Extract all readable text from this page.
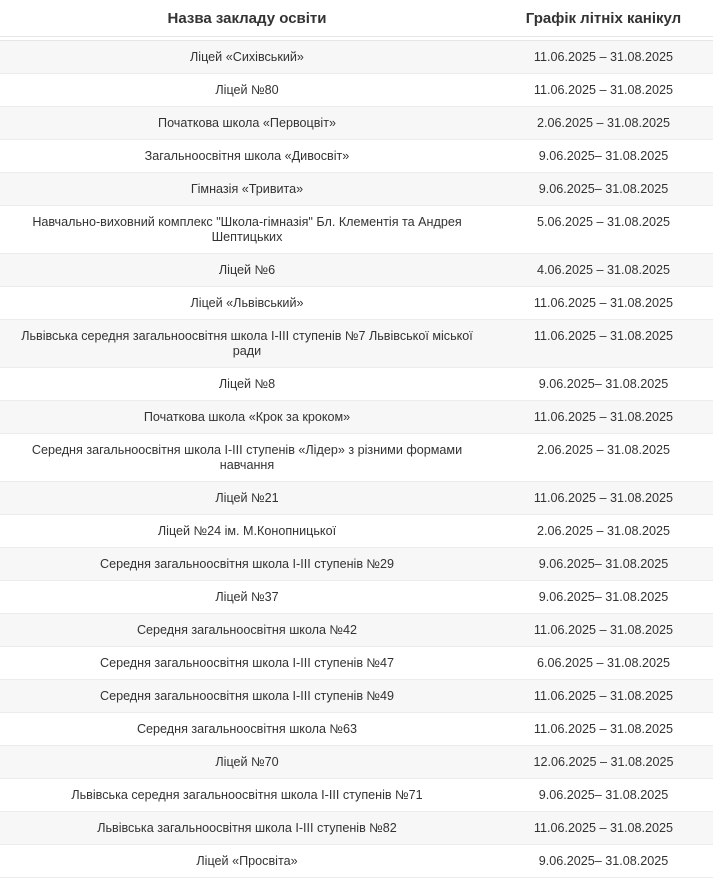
Назва закладу освіти	Графік літніх канікул

Ліцей «Сихівський»	11.06.2025 – 31.08.2025
Ліцей №80	11.06.2025 – 31.08.2025
Початкова школа «Первоцвіт»	2.06.2025 – 31.08.2025
Загальноосвітня школа «Дивосвіт»	9.06.2025– 31.08.2025
Гімназія «Тривита»	9.06.2025– 31.08.2025
Навчально-виховний комплекс "Школа-гімназія" Бл. Клементія та Андрея Шептицьких	5.06.2025 – 31.08.2025
Ліцей №6	4.06.2025 – 31.08.2025
Ліцей «Львівський»	11.06.2025 – 31.08.2025
Львівська середня загальноосвітня школа І-ІІІ ступенів №7 Львівської міської ради	11.06.2025 – 31.08.2025
Ліцей №8	9.06.2025– 31.08.2025
Початкова школа «Крок за кроком»	11.06.2025 – 31.08.2025
Середня загальноосвітня школа І-ІІІ ступенів «Лідер» з різними формами навчання	2.06.2025 – 31.08.2025
Ліцей №21	11.06.2025 – 31.08.2025
Ліцей №24 ім. М.Конопницької	2.06.2025 – 31.08.2025
Середня загальноосвітня школа І-ІІІ ступенів №29	9.06.2025– 31.08.2025
Ліцей №37	9.06.2025– 31.08.2025
Середня загальноосвітня школа №42	11.06.2025 – 31.08.2025
Середня загальноосвітня школа І-ІІІ ступенів №47	6.06.2025 – 31.08.2025
Середня загальноосвітня школа І-ІІІ ступенів №49	11.06.2025 – 31.08.2025
Середня загальноосвітня школа №63	11.06.2025 – 31.08.2025
Ліцей №70	12.06.2025 – 31.08.2025
Львівська середня загальноосвітня школа І-ІІІ ступенів №71	9.06.2025– 31.08.2025
Львівська загальноосвітня школа І-ІІІ ступенів №82	11.06.2025 – 31.08.2025
Ліцей «Просвіта»	9.06.2025– 31.08.2025
